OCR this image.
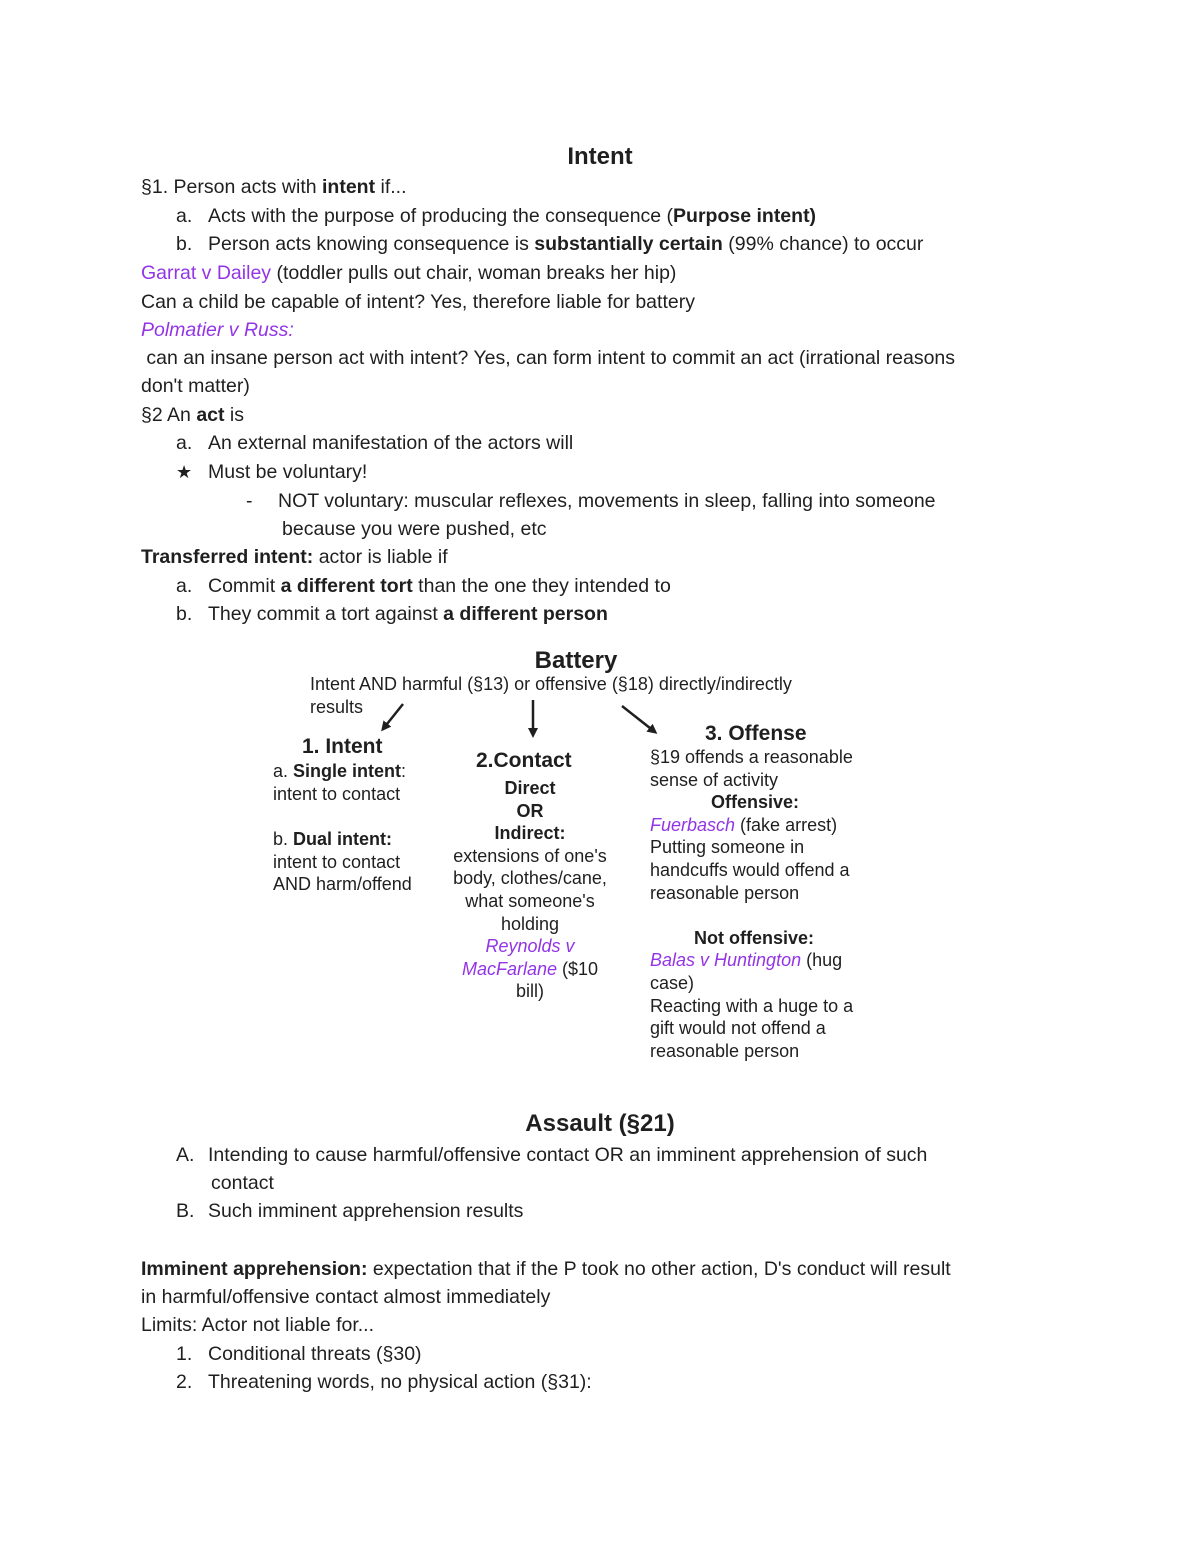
Intent
§1. Person acts with intent if...
a. Acts with the purpose of producing the consequence (Purpose intent)
b. Person acts knowing consequence is substantially certain (99% chance) to occur
Garrat v Dailey (toddler pulls out chair, woman breaks her hip)
Can a child be capable of intent? Yes, therefore liable for battery
Polmatier v Russ:
can an insane person act with intent? Yes, can form intent to commit an act (irrational reasons
don't matter)
§2 An act is
a. An external manifestation of the actors will
★ Must be voluntary!
- NOT voluntary: muscular reflexes, movements in sleep, falling into someone
because you were pushed, etc
Transferred intent: actor is liable if
a. Commit a different tort than the one they intended to
b. They commit a tort against a different person
Battery
Intent AND harmful (§13) or offensive (§18) directly/indirectly
results
1. Intent
a. Single intent:
intent to contact
b. Dual intent:
intent to contact
AND harm/offend
2.Contact
Direct
OR
Indirect:
extensions of one's
body, clothes/cane,
what someone's
holding
Reynolds v
MacFarlane ($10
bill)
3. Offense
§19 offends a reasonable
sense of activity
Offensive:
Fuerbasch (fake arrest)
Putting someone in
handcuffs would offend a
reasonable person

Not offensive:
Balas v Huntington (hug
case)
Reacting with a huge to a
gift would not offend a
reasonable person
Assault (§21)
A. Intending to cause harmful/offensive contact OR an imminent apprehension of such
contact
B. Such imminent apprehension results
Imminent apprehension: expectation that if the P took no other action, D's conduct will result
in harmful/offensive contact almost immediately
Limits: Actor not liable for...
1. Conditional threats (§30)
2. Threatening words, no physical action (§31):
